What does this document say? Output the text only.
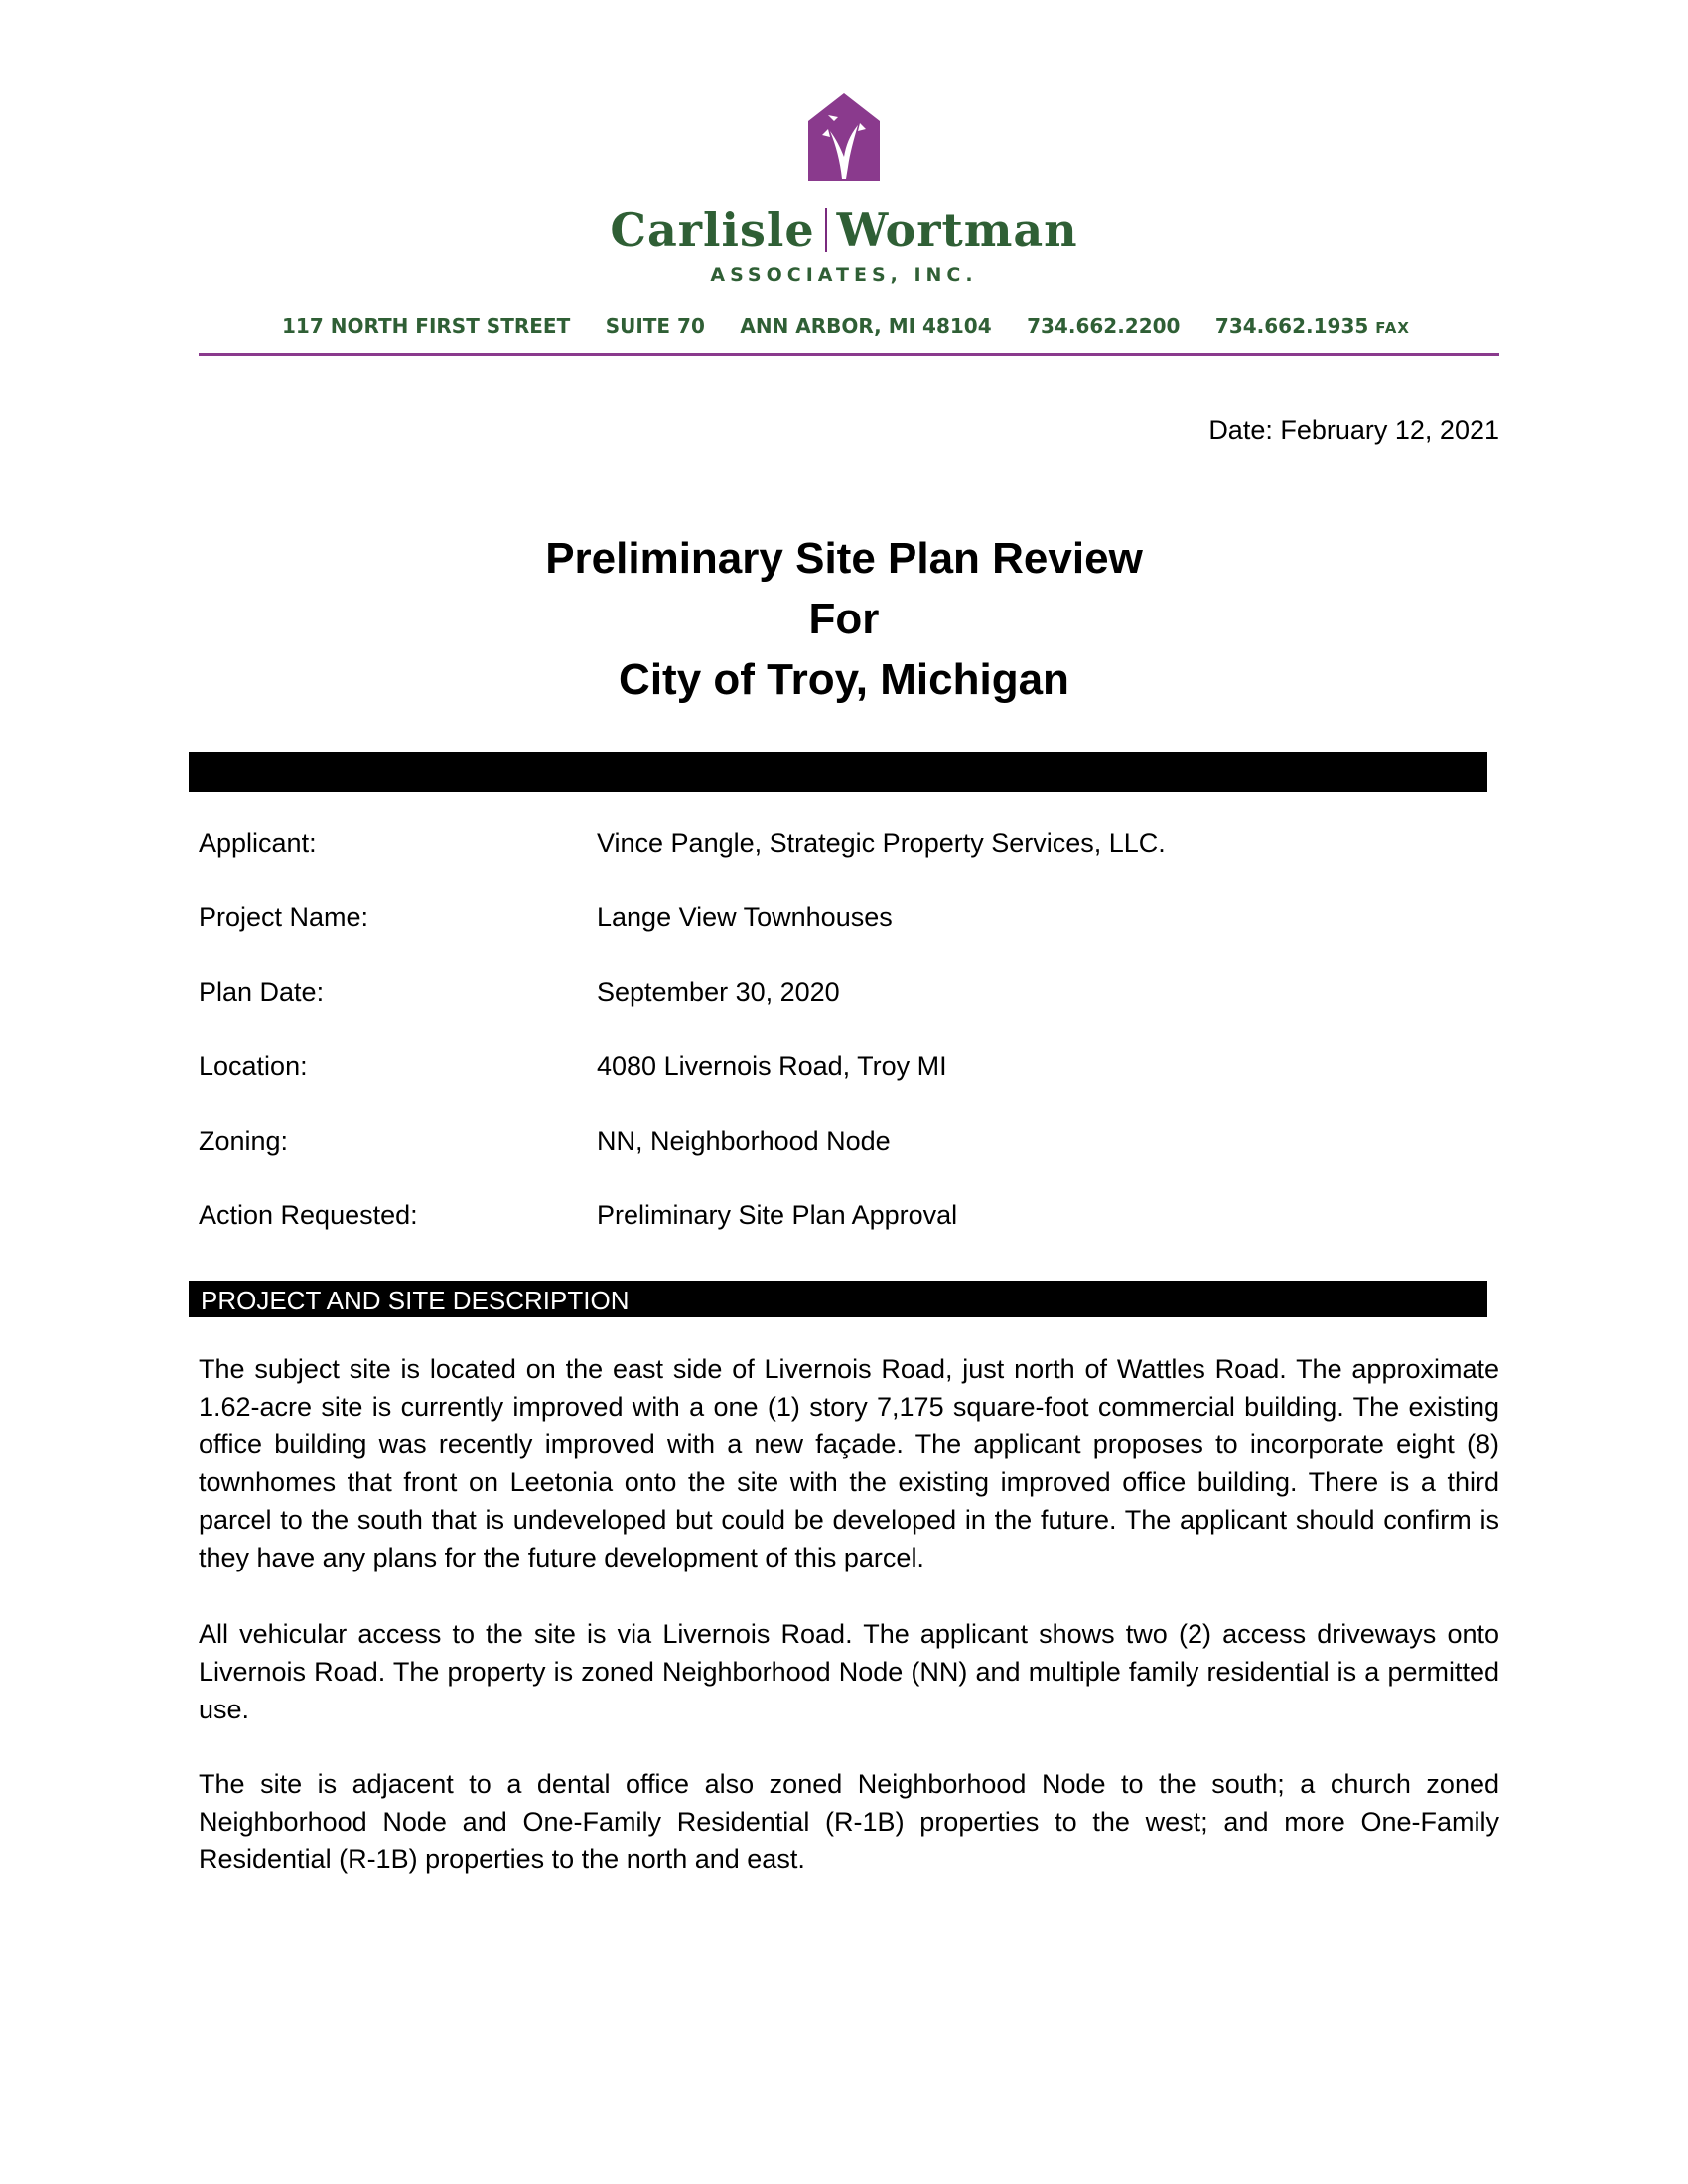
Carlisle Wortman
ASSOCIATES, INC.
117 NORTH FIRST STREET SUITE 70 ANN ARBOR, MI 48104 734.662.2200 734.662.1935 FAX
Date: February 12, 2021
Preliminary Site Plan Review
For
City of Troy, Michigan
Applicant:	Vince Pangle, Strategic Property Services, LLC.
Project Name:	Lange View Townhouses
Plan Date:	September 30, 2020
Location:	4080 Livernois Road, Troy MI
Zoning:	NN, Neighborhood Node
Action Requested:	Preliminary Site Plan Approval
PROJECT AND SITE DESCRIPTION
The subject site is located on the east side of Livernois Road, just north of Wattles Road. The approximate 1.62-acre site is currently improved with a one (1) story 7,175 square-foot commercial building. The existing office building was recently improved with a new façade. The applicant proposes to incorporate eight (8) townhomes that front on Leetonia onto the site with the existing improved office building. There is a third parcel to the south that is undeveloped but could be developed in the future. The applicant should confirm is they have any plans for the future development of this parcel.
All vehicular access to the site is via Livernois Road. The applicant shows two (2) access driveways onto Livernois Road. The property is zoned Neighborhood Node (NN) and multiple family residential is a permitted use.
The site is adjacent to a dental office also zoned Neighborhood Node to the south; a church zoned Neighborhood Node and One-Family Residential (R-1B) properties to the west; and more One-Family Residential (R-1B) properties to the north and east.
